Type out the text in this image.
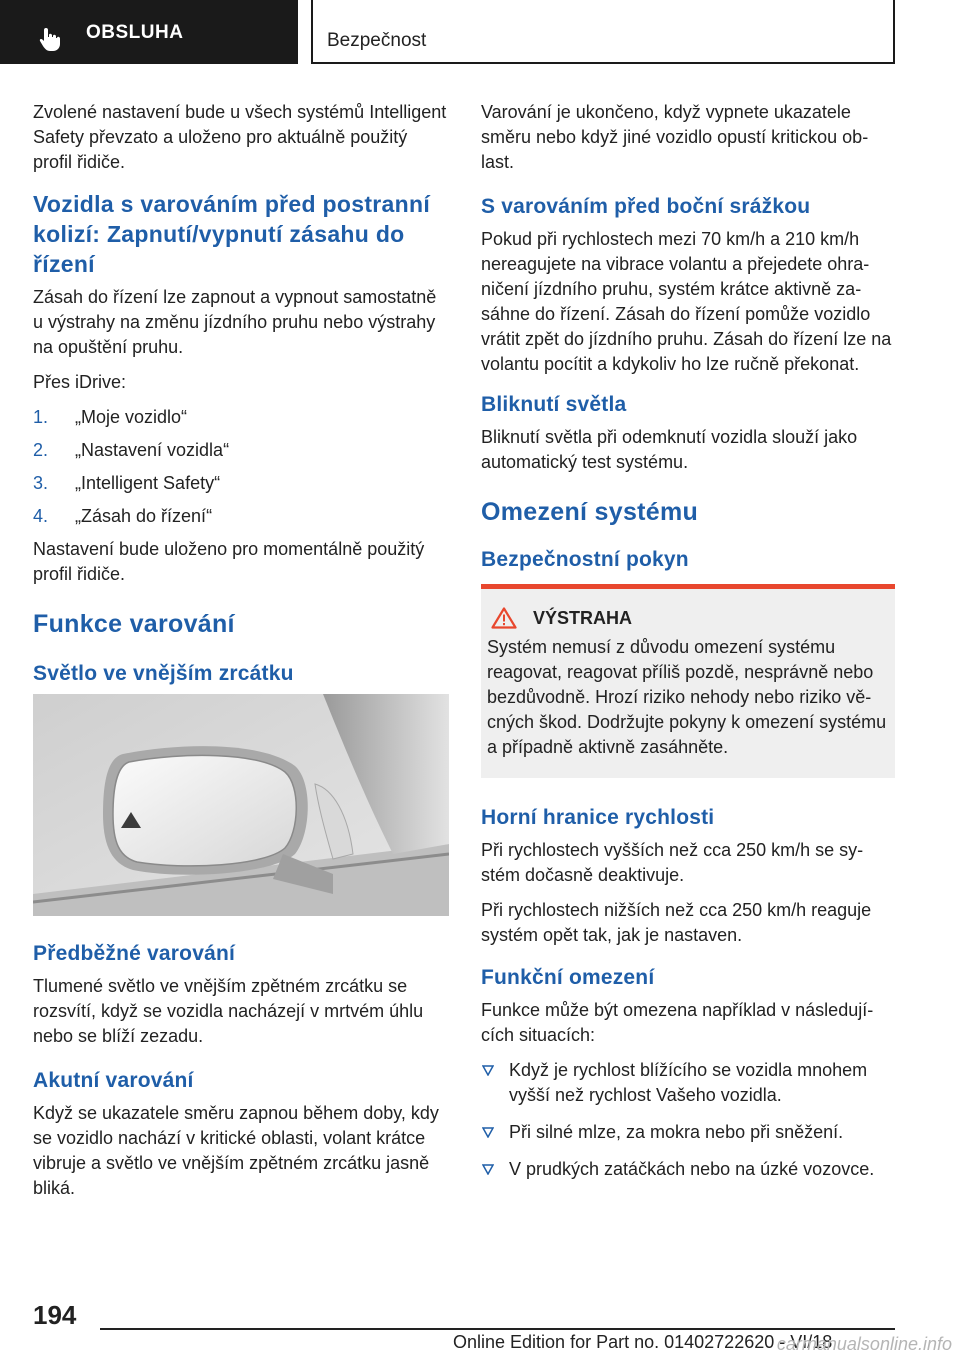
OBSLUHA	Bezpečnost

Zvolené nastavení bude u všech systémů Intelligent Safety převzato a uloženo pro aktuálně použitý profil řidiče.

Vozidla s varováním před postranní kolizí: Zapnutí/vypnutí zásahu do řízení

Zásah do řízení lze zapnout a vypnout samostatně u výstrahy na změnu jízdního pruhu nebo výstrahy na opuštění pruhu.

Přes iDrive:

1. „Moje vozidlo“
2. „Nastavení vozidla“
3. „Intelligent Safety“
4. „Zásah do řízení“

Nastavení bude uloženo pro momentálně použitý profil řidiče.

Funkce varování
Světlo ve vnějším zrcátku
Předběžné varování

Tlumené světlo ve vnějším zpětném zrcátku se rozsvítí, když se vozidla nacházejí v mrtvém úhlu nebo se blíží zezadu.

Akutní varování

Když se ukazatele směru zapnou během doby, kdy se vozidlo nachází v kritické oblasti, volant krátce vibruje a světlo ve vnějším zpětném zrcátku jasně bliká.

Varování je ukončeno, když vypnete ukazatele směru nebo když jiné vozidlo opustí kritickou oblast.

S varováním před boční srážkou

Pokud při rychlostech mezi 70 km/h a 210 km/h nereagujete na vibrace volantu a přejedete ohraničení jízdního pruhu, systém krátce aktivně zasáhne do řízení. Zásah do řízení pomůže vozidlo vrátit zpět do jízdního pruhu. Zásah do řízení lze na volantu pocítit a kdykoliv ho lze ručně překonat.

Bliknutí světla

Bliknutí světla při odemknutí vozidla slouží jako automatický test systému.

Omezení systému
Bezpečnostní pokyn
VÝSTRAHA

Systém nemusí z důvodu omezení systému reagovat, reagovat příliš pozdě, nesprávně nebo bezdůvodně. Hrozí riziko nehody nebo riziko věcných škod. Dodržujte pokyny k omezení systému a případně aktivně zasáhněte.

Horní hranice rychlosti

Při rychlostech vyšších než cca 250 km/h se systém dočasně deaktivuje.

Při rychlostech nižších než cca 250 km/h reaguje systém opět tak, jak je nastaven.

Funkční omezení

Funkce může být omezena například v následujících situacích:

Když je rychlost blížícího se vozidla mnohem vyšší než rychlost Vašeho vozidla.
Při silné mlze, za mokra nebo při sněžení.
V prudkých zatáčkách nebo na úzké vozovce.
194
Online Edition for Part no. 01402722620 - VI/18
carmanualsonline.info
